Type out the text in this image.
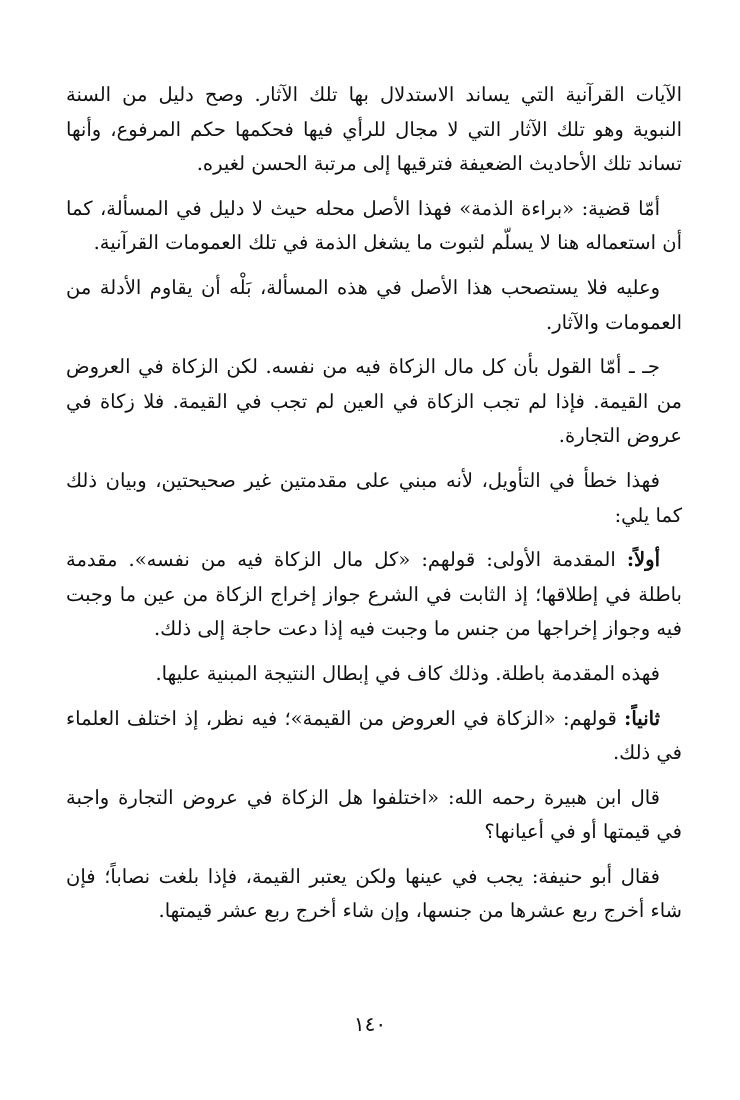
الآيات القرآنية التي يساند الاستدلال بها تلك الآثار. وصح دليل من السنة النبوية وهو تلك الآثار التي لا مجال للرأي فيها فحكمها حكم المرفوع، وأنها تساند تلك الأحاديث الضعيفة فترقيها إلى مرتبة الحسن لغيره.

أمّا قضية: «براءة الذمة» فهذا الأصل محله حيث لا دليل في المسألة، كما أن استعماله هنا لا يسلّم لثبوت ما يشغل الذمة في تلك العمومات القرآنية.

وعليه فلا يستصحب هذا الأصل في هذه المسألة، بَلْه أن يقاوم الأدلة من العمومات والآثار.

جـ ـ أمّا القول بأن كل مال الزكاة فيه من نفسه. لكن الزكاة في العروض من القيمة. فإذا لم تجب الزكاة في العين لم تجب في القيمة. فلا زكاة في عروض التجارة.

فهذا خطأ في التأويل، لأنه مبني على مقدمتين غير صحيحتين، وبيان ذلك كما يلي:

أولاً: المقدمة الأولى: قولهم: «كل مال الزكاة فيه من نفسه». مقدمة باطلة في إطلاقها؛ إذ الثابت في الشرع جواز إخراج الزكاة من عين ما وجبت فيه وجواز إخراجها من جنس ما وجبت فيه إذا دعت حاجة إلى ذلك.

فهذه المقدمة باطلة. وذلك كاف في إبطال النتيجة المبنية عليها.

ثانياً: قولهم: «الزكاة في العروض من القيمة»؛ فيه نظر، إذ اختلف العلماء في ذلك.

قال ابن هبيرة رحمه الله: «اختلفوا هل الزكاة في عروض التجارة واجبة في قيمتها أو في أعيانها؟

فقال أبو حنيفة: يجب في عينها ولكن يعتبر القيمة، فإذا بلغت نصاباً؛ فإن شاء أخرج ربع عشرها من جنسها، وإن شاء أخرج ربع عشر قيمتها.

١٤٠
